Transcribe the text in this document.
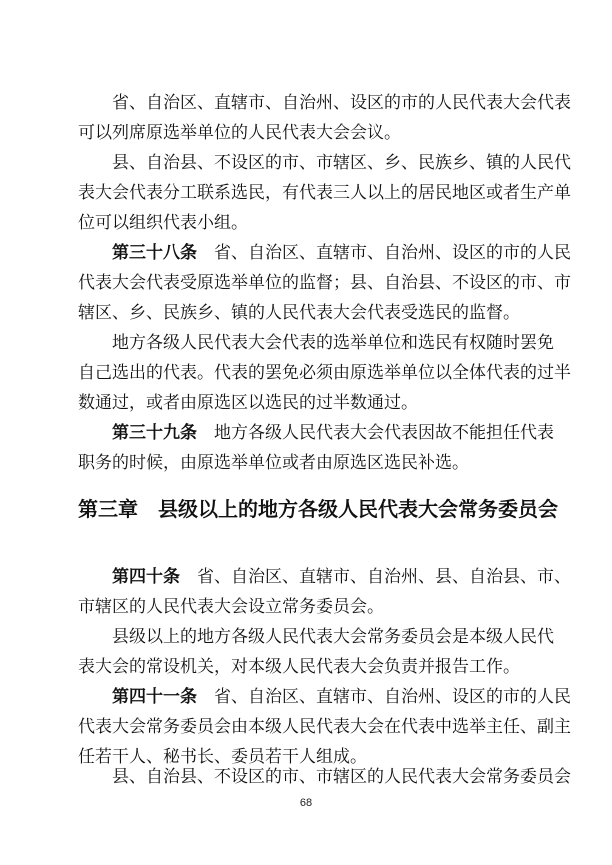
省、自治区、直辖市、自治州、设区的市的人民代表大会代表
可以列席原选举单位的人民代表大会会议。

县、自治县、不设区的市、市辖区、乡、民族乡、镇的人民代
表大会代表分工联系选民，有代表三人以上的居民地区或者生产单
位可以组织代表小组。

第三十八条  省、自治区、直辖市、自治州、设区的市的人民
代表大会代表受原选举单位的监督；县、自治县、不设区的市、市
辖区、乡、民族乡、镇的人民代表大会代表受选民的监督。

地方各级人民代表大会代表的选举单位和选民有权随时罢免
自己选出的代表。代表的罢免必须由原选举单位以全体代表的过半
数通过，或者由原选区以选民的过半数通过。

第三十九条  地方各级人民代表大会代表因故不能担任代表
职务的时候，由原选举单位或者由原选区选民补选。

第三章　县级以上的地方各级人民代表大会常务委员会

第四十条  省、自治区、直辖市、自治州、县、自治县、市、
市辖区的人民代表大会设立常务委员会。

县级以上的地方各级人民代表大会常务委员会是本级人民代
表大会的常设机关，对本级人民代表大会负责并报告工作。

第四十一条  省、自治区、直辖市、自治州、设区的市的人民
代表大会常务委员会由本级人民代表大会在代表中选举主任、副主
任若干人、秘书长、委员若干人组成。

县、自治县、不设区的市、市辖区的人民代表大会常务委员会

68
